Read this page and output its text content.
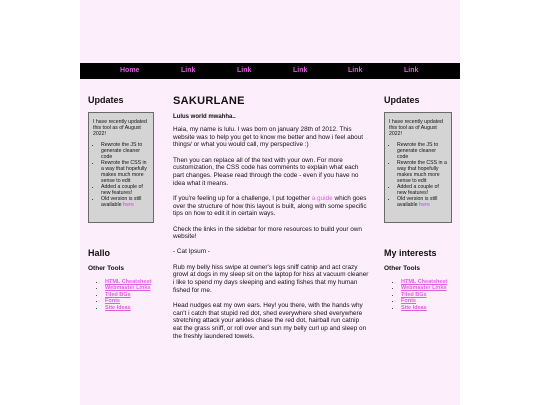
Home	Link	Link	Link	Link	Link
Updates

I have recently updated this tool as of August 2022!

• Rewrote the JS to generate cleaner code
• Rewrote the CSS in a way that hopefully makes much more sense to edit
• Added a couple of new features!
• Old version is still available here
Hallo
Other Tools
• HTML Cheatsheet
• Webmaster Links
• Tiled BGs
• Fonts
• Site Ideas
SAKURLANE
Lulus world mwahha..

Haia, my name is lulu. I was born on january 28th of 2012. This website was to help you get to know me better and how i feel about things/ or what you would call, my perspective :)

Then you can replace all of the text with your own. For more customization, the CSS code has comments to explain what each part changes. Please read through the code - even if you have no idea what it means.

If you're feeling up for a challenge, I put together a guide which goes over the structure of how this layout is built, along with some specific tips on how to edit it in certain ways.

Check the links in the sidebar for more resources to build your own website!

- Cat Ipsum -

Rub my belly hiss swipe at owner's legs sniff catnip and act crazy growl at dogs in my sleep sit on the laptop for hiss at vacuum cleaner i like to spend my days sleeping and eating fishes that my human fished for me.

Head nudges eat my own ears. Hey! you there, with the hands why can't i catch that stupid red dot, shed everywhere shed everywhere stretching attack your ankles chase the red dot, hairball run catnip eat the grass sniff, or roll over and sun my belly curl up and sleep on the freshly laundered towels.

Updates

I have recently updated this tool as of August 2022!

• Rewrote the JS to generate cleaner code
• Rewrote the CSS in a way that hopefully makes much more sense to edit
• Added a couple of new features!
• Old version is still available here
My interests
Other Tools
• HTML Cheatsheet
• Webmaster Links
• Tiled BGs
• Fonts
• Site Ideas
